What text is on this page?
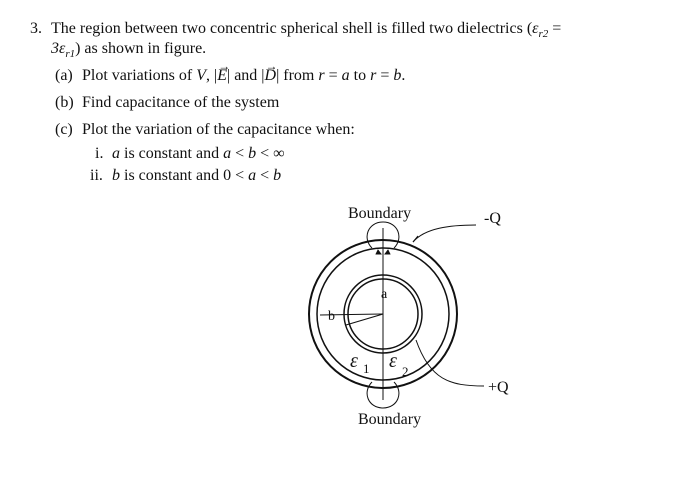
3. The region between two concentric spherical shell is filled two dielectrics ($\varepsilon_{r2}$ =
$3\varepsilon_{r1}$) as shown in figure.
(a) Plot variations of V, |→ E| and |→ D| from r = a to r = b.
(b) Find capacitance of the system
(c) Plot the variation of the capacitance when:
i. a is constant and a < b < ∞
ii. b is constant and 0 < a < b
Boundary	-Q
a
b
ε 1 ε 2
+Q
Boundary
